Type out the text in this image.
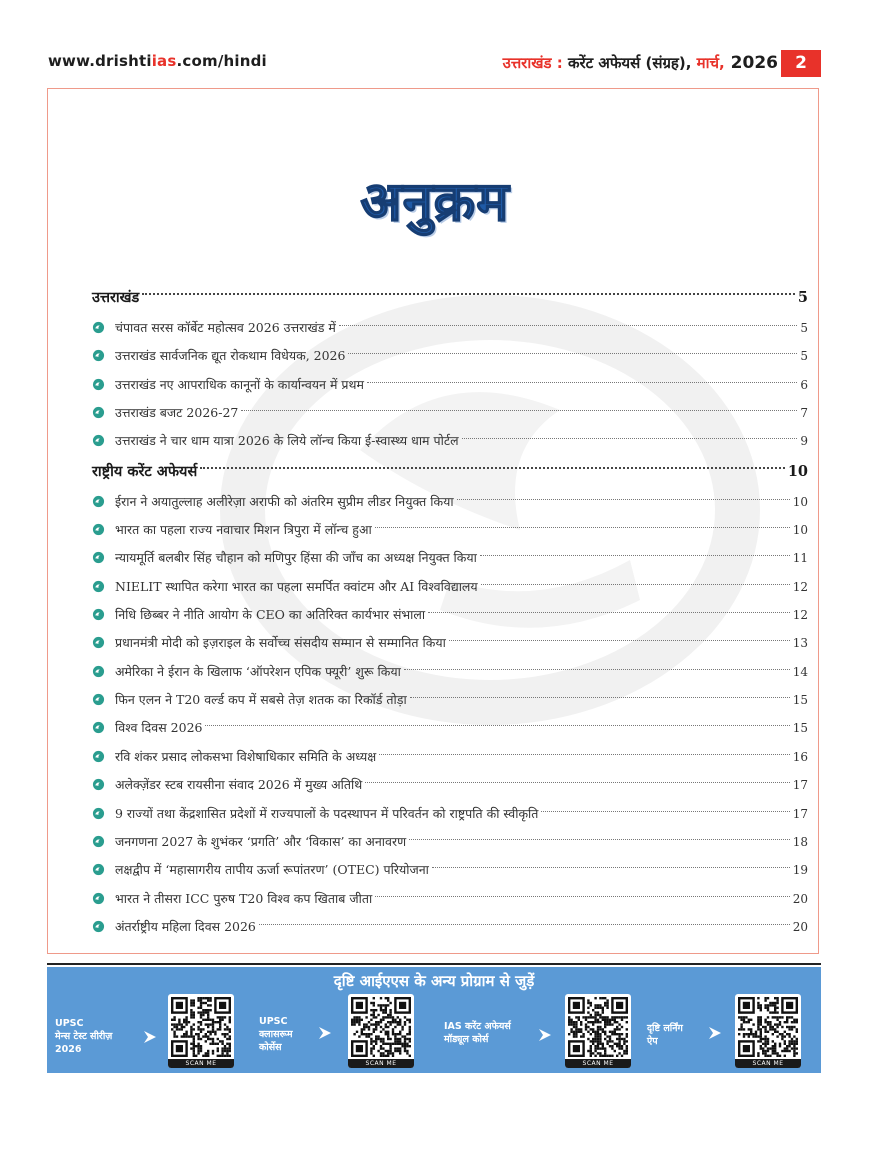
www.drishtiias.com/hindi	उत्तराखंड : करेंट अफेयर्स (संग्रह), मार्च, 2026	2
अनुक्रम
उत्तराखंड	5
चंपावत सरस कॉर्बेट महोत्सव 2026 उत्तराखंड में	5
उत्तराखंड सार्वजनिक द्यूत रोकथाम विधेयक, 2026	5
उत्तराखंड नए आपराधिक कानूनों के कार्यान्वयन में प्रथम	6
उत्तराखंड बजट 2026-27	7
उत्तराखंड ने चार धाम यात्रा 2026 के लिये लॉन्च किया ई-स्वास्थ्य धाम पोर्टल	9
राष्ट्रीय करेंट अफेयर्स	10
ईरान ने अयातुल्लाह अलीरेज़ा अराफी को अंतरिम सुप्रीम लीडर नियुक्त किया	10
भारत का पहला राज्य नवाचार मिशन त्रिपुरा में लॉन्च हुआ	10
न्यायमूर्ति बलबीर सिंह चौहान को मणिपुर हिंसा की जाँच का अध्यक्ष नियुक्त किया	11
NIELIT स्थापित करेगा भारत का पहला समर्पित क्वांटम और AI विश्वविद्यालय	12
निधि छिब्बर ने नीति आयोग के CEO का अतिरिक्त कार्यभार संभाला	12
प्रधानमंत्री मोदी को इज़राइल के सर्वोच्च संसदीय सम्मान से सम्मानित किया	13
अमेरिका ने ईरान के खिलाफ ‘ऑपरेशन एपिक फ्यूरी’ शुरू किया	14
फिन एलन ने T20 वर्ल्ड कप में सबसे तेज़ शतक का रिकॉर्ड तोड़ा	15
विश्व दिवस 2026	15
रवि शंकर प्रसाद लोकसभा विशेषाधिकार समिति के अध्यक्ष	16
अलेक्ज़ेंडर स्टब रायसीना संवाद 2026 में मुख्य अतिथि	17
9 राज्यों तथा केंद्रशासित प्रदेशों में राज्यपालों के पदस्थापन में परिवर्तन को राष्ट्रपति की स्वीकृति	17
जनगणना 2027 के शुभंकर ‘प्रगति’ और ‘विकास’ का अनावरण	18
लक्षद्वीप में ‘महासागरीय तापीय ऊर्जा रूपांतरण’ (OTEC) परियोजना	19
भारत ने तीसरा ICC पुरुष T20 विश्व कप खिताब जीता	20
अंतर्राष्ट्रीय महिला दिवस 2026	20
दृष्टि आईएएस के अन्य प्रोग्राम से जुड़ें
UPSC
मेन्स टेस्ट सीरीज़
2026
SCAN ME
UPSC
क्लासरूम
कोर्सेस
SCAN ME
IAS करेंट अफेयर्स
मॉड्यूल कोर्स
SCAN ME
दृष्टि लर्निंग
ऐप
SCAN ME
